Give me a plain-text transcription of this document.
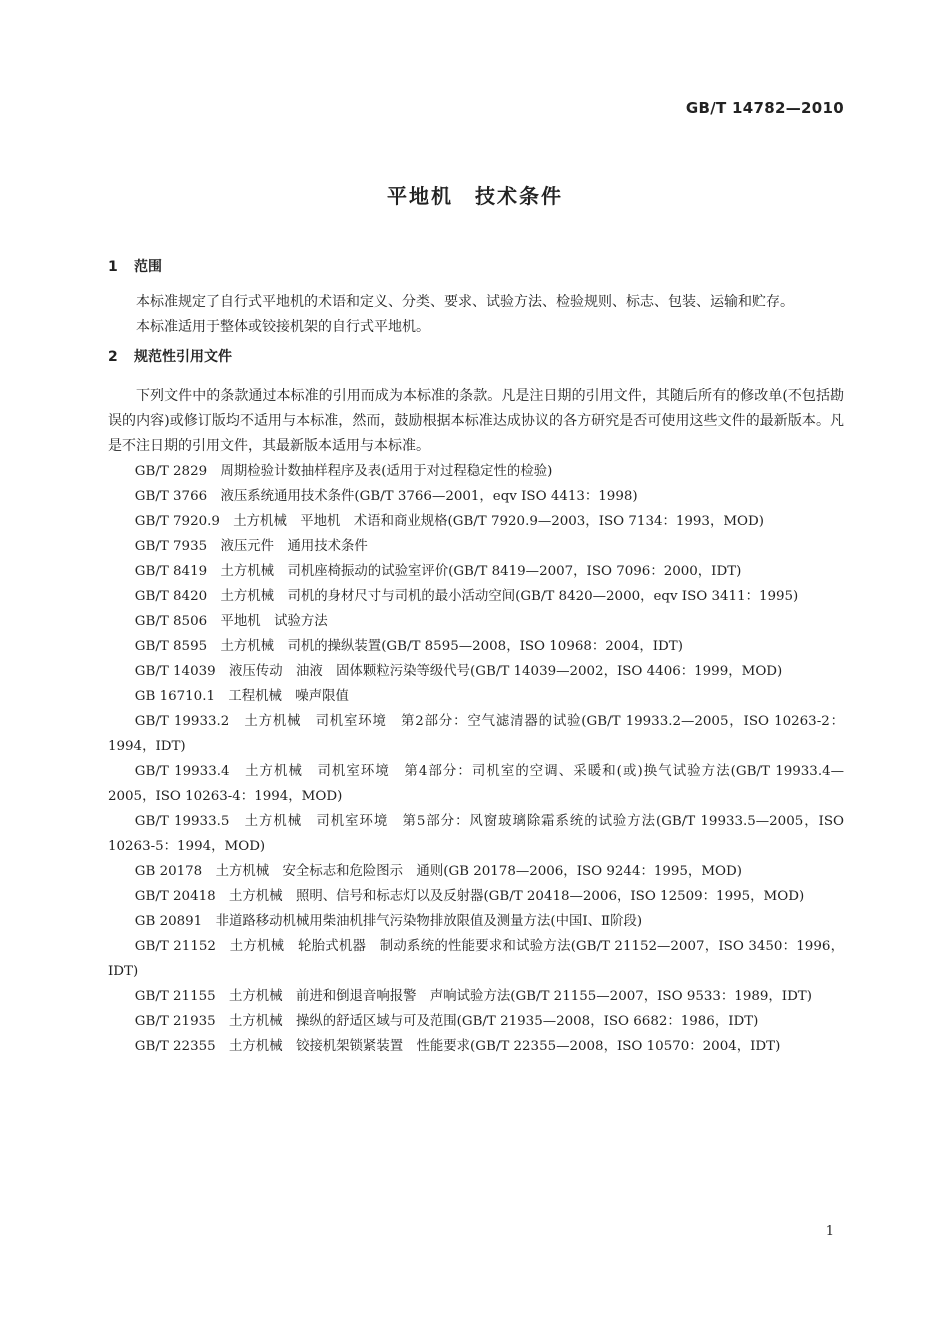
GB/T 14782—2010
平地机　技术条件
1 范围

本标准规定了自行式平地机的术语和定义、分类、要求、试验方法、检验规则、标志、包装、运输和贮存。

本标准适用于整体或铰接机架的自行式平地机。

2 规范性引用文件

下列文件中的条款通过本标准的引用而成为本标准的条款。凡是注日期的引用文件，其随后所有的修改单(不包括勘误的内容)或修订版均不适用与本标准，然而，鼓励根据本标准达成协议的各方研究是否可使用这些文件的最新版本。凡是不注日期的引用文件，其最新版本适用与本标准。

GB/T 2829　周期检验计数抽样程序及表(适用于对过程稳定性的检验)

GB/T 3766　液压系统通用技术条件(GB/T 3766—2001，eqv ISO 4413：1998)

GB/T 7920.9　土方机械　平地机　术语和商业规格(GB/T 7920.9—2003，ISO 7134：1993，MOD)

GB/T 7935　液压元件　通用技术条件

GB/T 8419　土方机械　司机座椅振动的试验室评价(GB/T 8419—2007，ISO 7096：2000，IDT)

GB/T 8420　土方机械　司机的身材尺寸与司机的最小活动空间(GB/T 8420—2000，eqv ISO 3411：1995)

GB/T 8506　平地机　试验方法

GB/T 8595　土方机械　司机的操纵装置(GB/T 8595—2008，ISO 10968：2004，IDT)

GB/T 14039　液压传动　油液　固体颗粒污染等级代号(GB/T 14039—2002，ISO 4406：1999，MOD)

GB 16710.1　工程机械　噪声限值

GB/T 19933.2　土方机械　司机室环境　第2部分：空气滤清器的试验(GB/T 19933.2—2005，ISO 10263-2：1994，IDT)

GB/T 19933.4　土方机械　司机室环境　第4部分：司机室的空调、采暖和(或)换气试验方法(GB/T 19933.4—2005，ISO 10263-4：1994，MOD)

GB/T 19933.5　土方机械　司机室环境　第5部分：风窗玻璃除霜系统的试验方法(GB/T 19933.5—2005，ISO 10263-5：1994，MOD)

GB 20178　土方机械　安全标志和危险图示　通则(GB 20178—2006，ISO 9244：1995，MOD)

GB/T 20418　土方机械　照明、信号和标志灯以及反射器(GB/T 20418—2006，ISO 12509：1995，MOD)

GB 20891　非道路移动机械用柴油机排气污染物排放限值及测量方法(中国Ⅰ、Ⅱ阶段)

GB/T 21152　土方机械　轮胎式机器　制动系统的性能要求和试验方法(GB/T 21152—2007，ISO 3450：1996，IDT)

GB/T 21155　土方机械　前进和倒退音响报警　声响试验方法(GB/T 21155—2007，ISO 9533：1989，IDT)

GB/T 21935　土方机械　操纵的舒适区域与可及范围(GB/T 21935—2008，ISO 6682：1986，IDT)

GB/T 22355　土方机械　铰接机架锁紧装置　性能要求(GB/T 22355—2008，ISO 10570：2004，IDT)

1
